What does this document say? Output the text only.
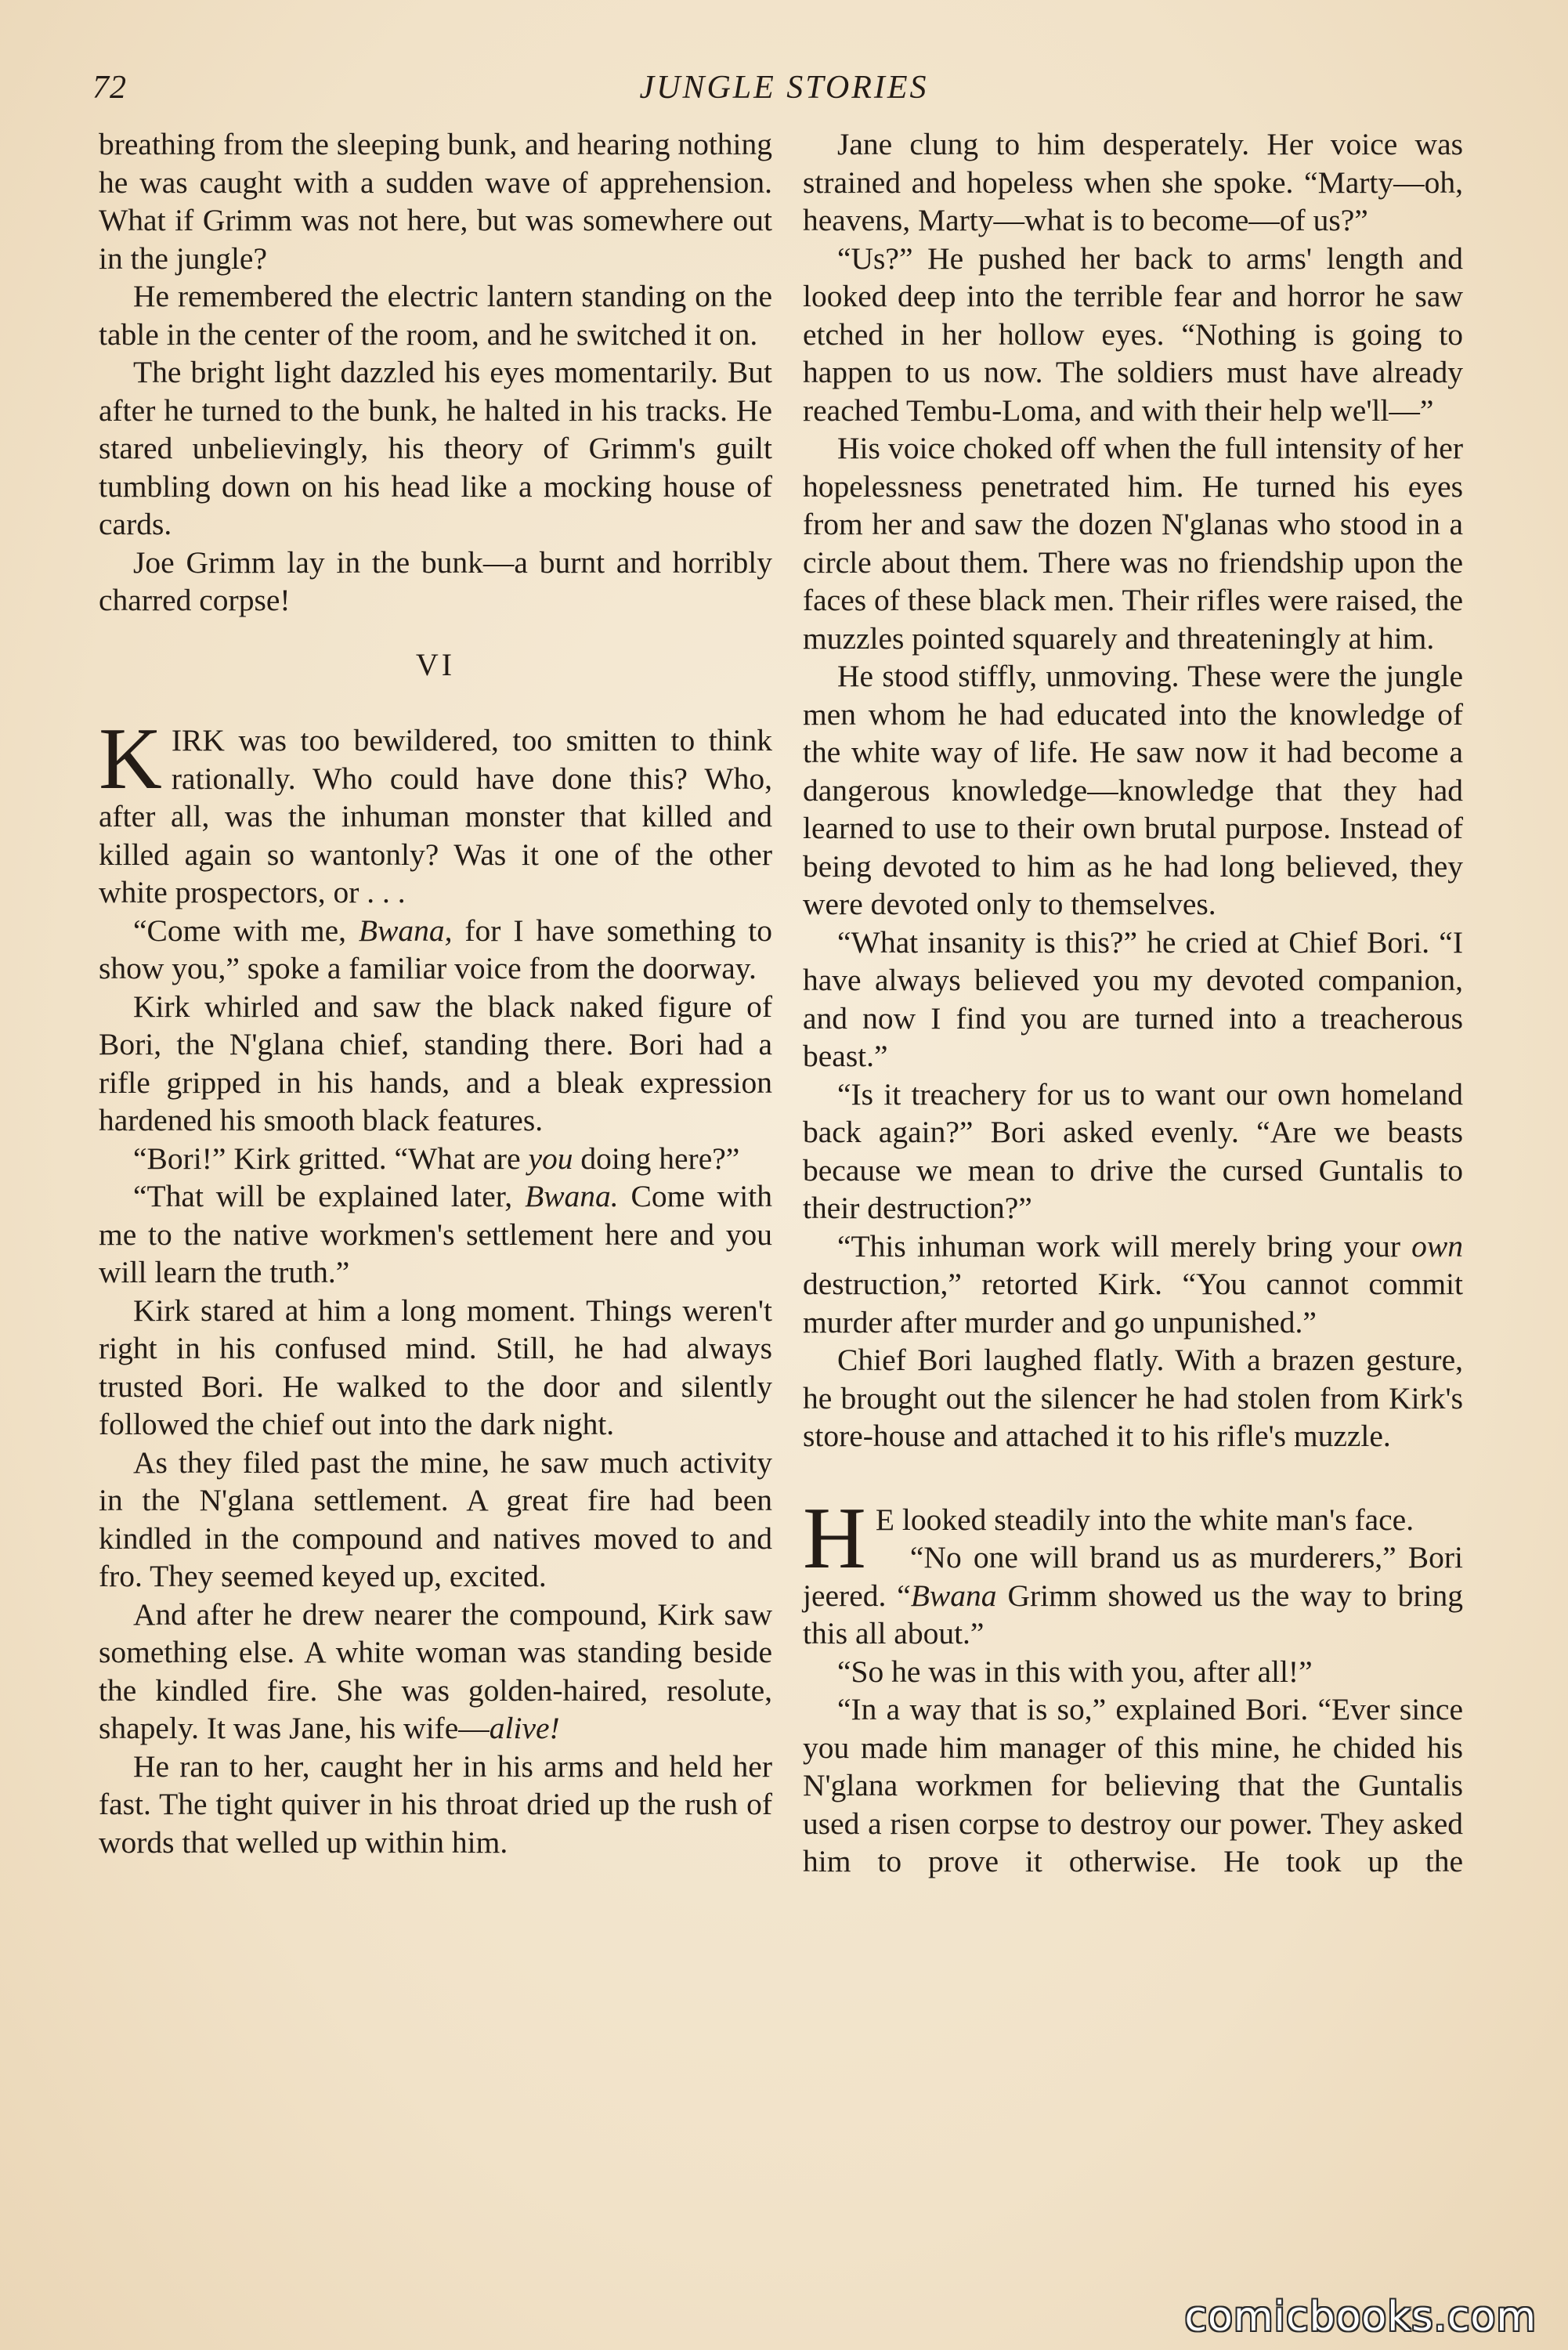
72	JUNGLE STORIES

breathing from the sleeping bunk, and hearing nothing he was caught with a sudden wave of apprehension. What if Grimm was not here, but was somewhere out in the jungle?

He remembered the electric lantern standing on the table in the center of the room, and he switched it on.

The bright light dazzled his eyes momentarily. But after he turned to the bunk, he halted in his tracks. He stared unbelievingly, his theory of Grimm's guilt tumbling down on his head like a mocking house of cards.

Joe Grimm lay in the bunk—a burnt and horribly charred corpse!

VI

KIRK was too bewildered, too smitten to think rationally. Who could have done this? Who, after all, was the inhuman monster that killed and killed again so wantonly? Was it one of the other white prospectors, or . . .

“Come with me, Bwana, for I have something to show you,” spoke a familiar voice from the doorway.

Kirk whirled and saw the black naked figure of Bori, the N'glana chief, standing there. Bori had a rifle gripped in his hands, and a bleak expression hardened his smooth black features.

“Bori!” Kirk gritted. “What are you doing here?”

“That will be explained later, Bwana. Come with me to the native workmen's settlement here and you will learn the truth.”

Kirk stared at him a long moment. Things weren't right in his confused mind. Still, he had always trusted Bori. He walked to the door and silently followed the chief out into the dark night.

As they filed past the mine, he saw much activity in the N'glana settlement. A great fire had been kindled in the compound and natives moved to and fro. They seemed keyed up, excited.

And after he drew nearer the compound, Kirk saw something else. A white woman was standing beside the kindled fire. She was golden-haired, resolute, shapely. It was Jane, his wife—alive!

He ran to her, caught her in his arms and held her fast. The tight quiver in his throat dried up the rush of words that welled up within him.

Jane clung to him desperately. Her voice was strained and hopeless when she spoke. “Marty—oh, heavens, Marty—what is to become—of us?”

“Us?” He pushed her back to arms' length and looked deep into the terrible fear and horror he saw etched in her hollow eyes. “Nothing is going to happen to us now. The soldiers must have already reached Tembu-Loma, and with their help we'll—”

His voice choked off when the full intensity of her hopelessness penetrated him. He turned his eyes from her and saw the dozen N'glanas who stood in a circle about them. There was no friendship upon the faces of these black men. Their rifles were raised, the muzzles pointed squarely and threateningly at him.

He stood stiffly, unmoving. These were the jungle men whom he had educated into the knowledge of the white way of life. He saw now it had become a dangerous knowledge—knowledge that they had learned to use to their own brutal purpose. Instead of being devoted to him as he had long believed, they were devoted only to themselves.

“What insanity is this?” he cried at Chief Bori. “I have always believed you my devoted companion, and now I find you are turned into a treacherous beast.”

“Is it treachery for us to want our own homeland back again?” Bori asked evenly. “Are we beasts because we mean to drive the cursed Guntalis to their destruction?”

“This inhuman work will merely bring your own destruction,” retorted Kirk. “You cannot commit murder after murder and go unpunished.”

Chief Bori laughed flatly. With a brazen gesture, he brought out the silencer he had stolen from Kirk's store-house and attached it to his rifle's muzzle.

H E looked steadily into the white man's face.

“No one will brand us as murderers,” Bori jeered. “Bwana Grimm showed us the way to bring this all about.”

“So he was in this with you, after all!”

“In a way that is so,” explained Bori. “Ever since you made him manager of this mine, he chided his N'glana workmen for believing that the Guntalis used a risen corpse to destroy our power. They asked him to prove it otherwise. He took up the

comicbooks.com
